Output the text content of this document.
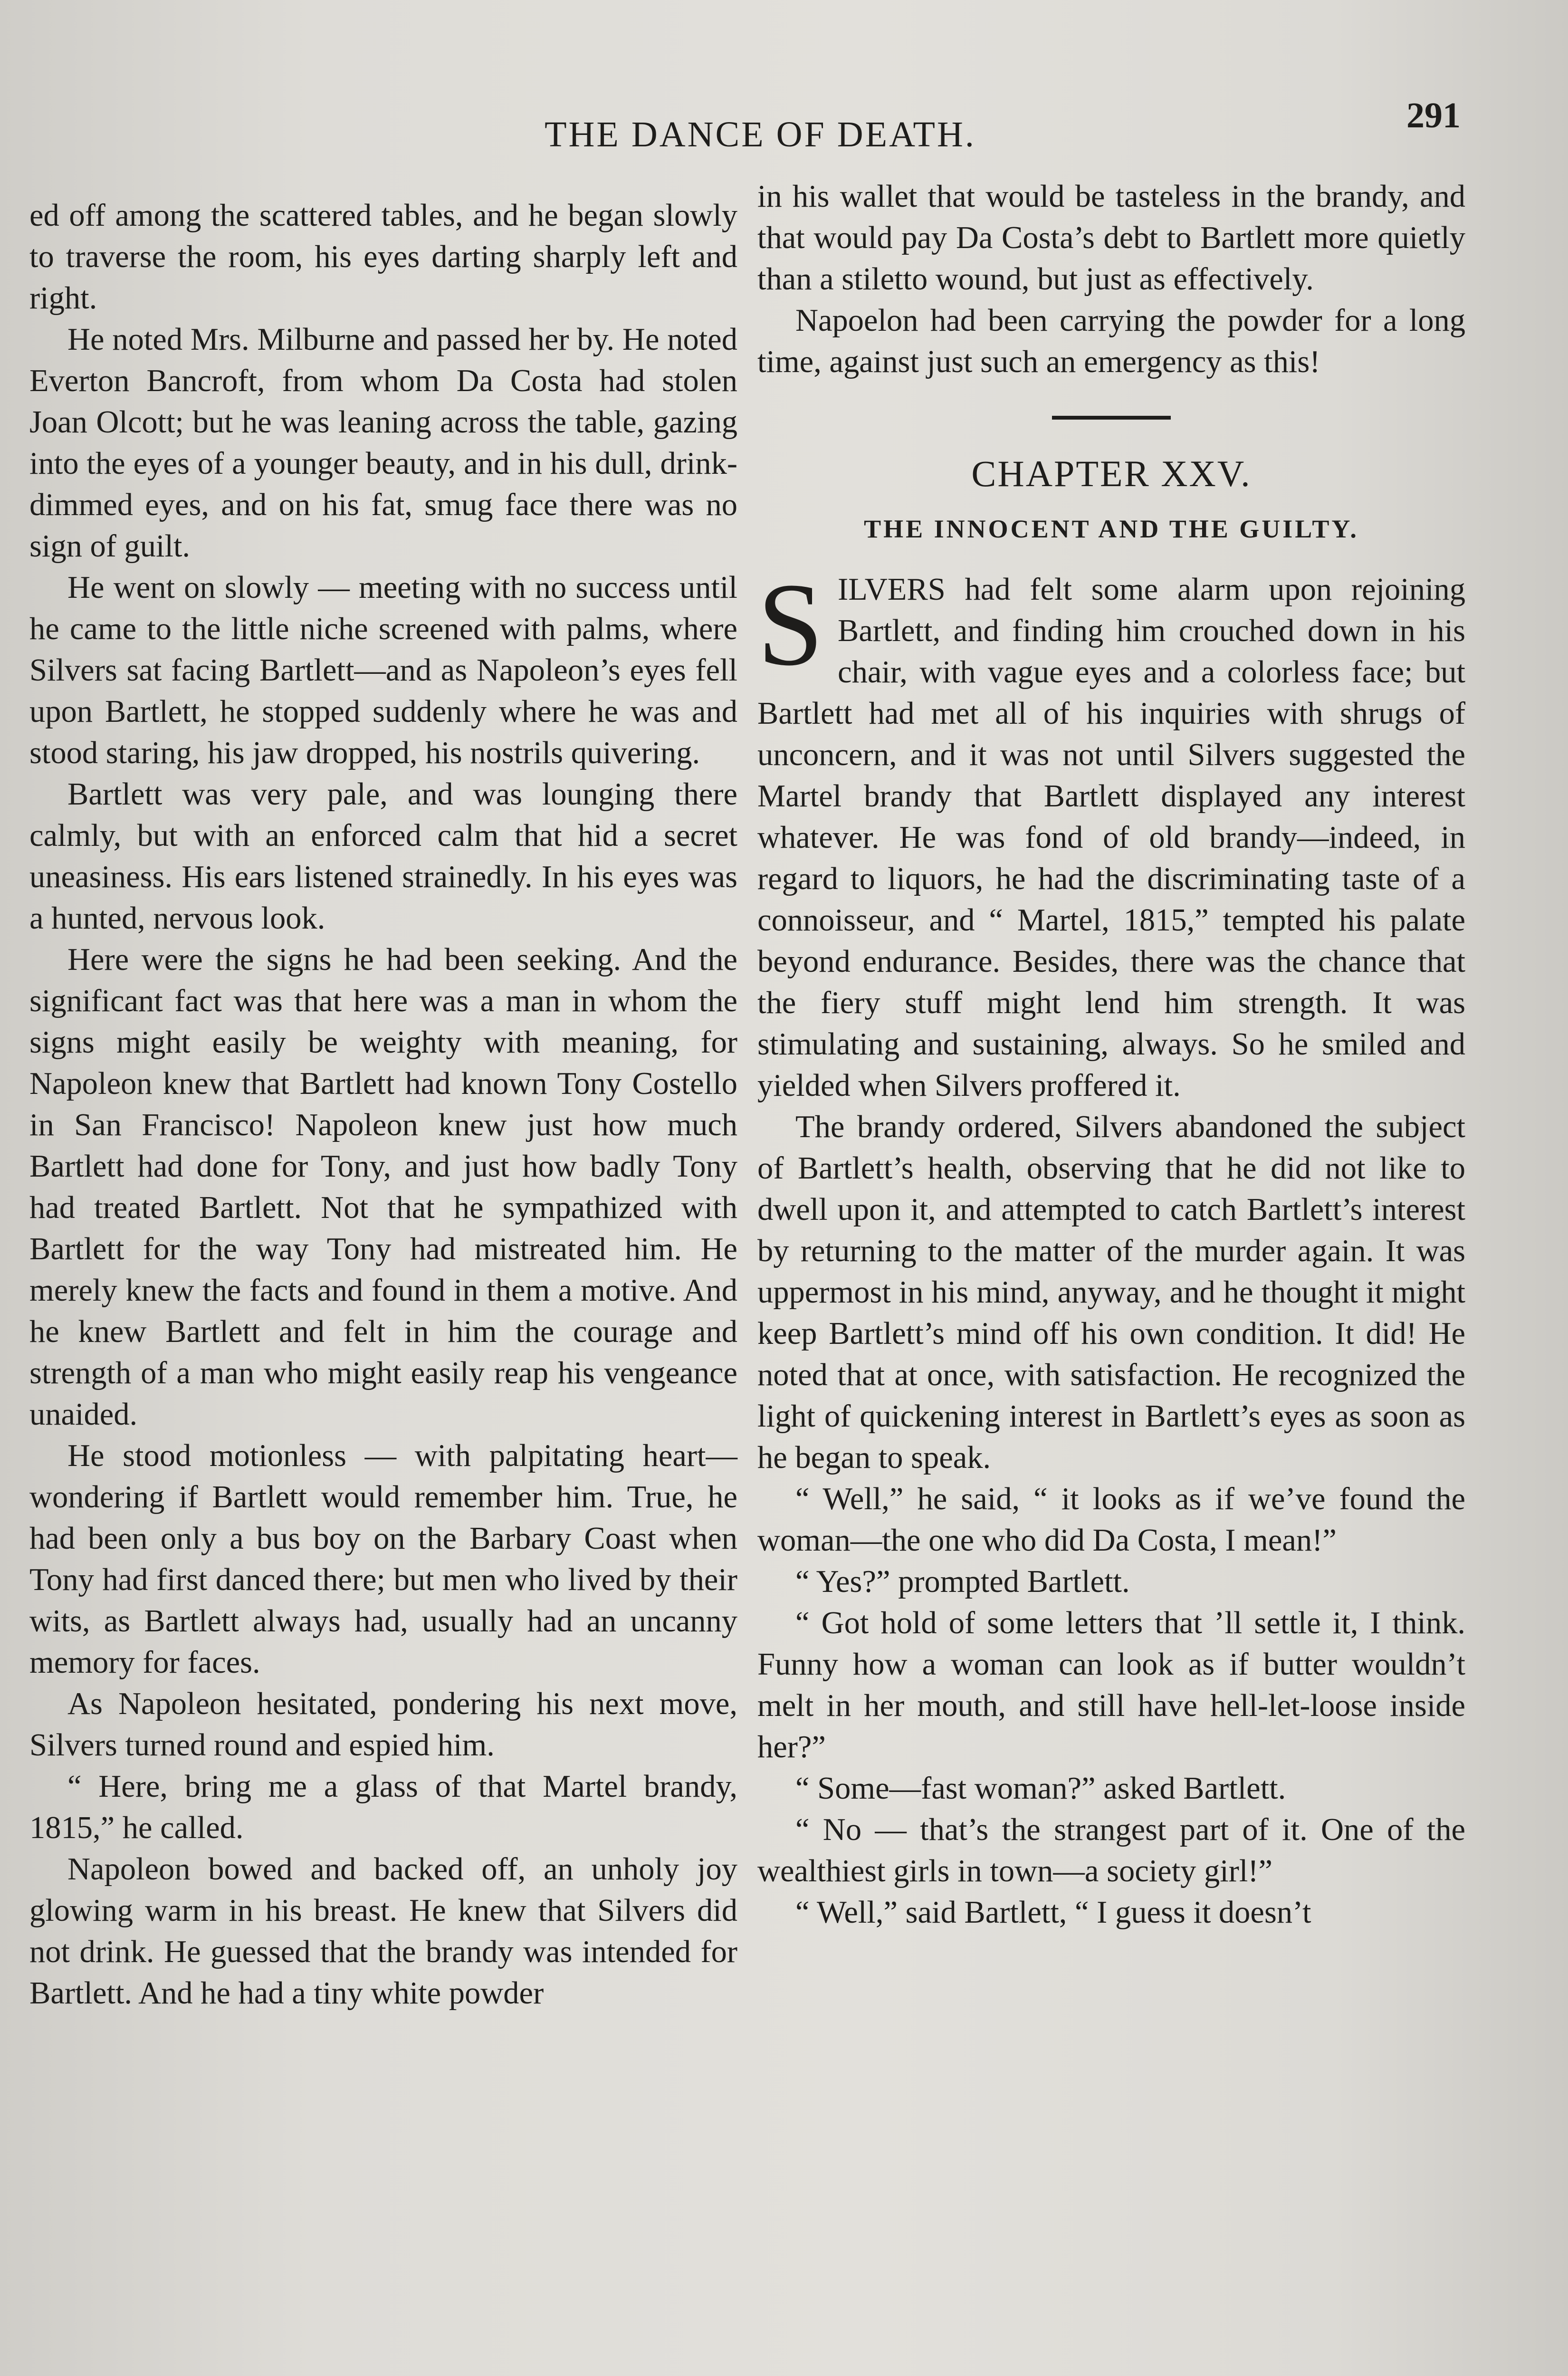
THE DANCE OF DEATH.	291

ed off among the scattered tables, and he began slowly to traverse the room, his eyes darting sharply left and right.

He noted Mrs. Milburne and passed her by. He noted Everton Bancroft, from whom Da Costa had stolen Joan Olcott; but he was leaning across the table, gazing into the eyes of a younger beauty, and in his dull, drink-dimmed eyes, and on his fat, smug face there was no sign of guilt.

He went on slowly — meeting with no success until he came to the little niche screened with palms, where Silvers sat facing Bartlett—and as Napoleon’s eyes fell upon Bartlett, he stopped suddenly where he was and stood staring, his jaw dropped, his nostrils quivering.

Bartlett was very pale, and was lounging there calmly, but with an enforced calm that hid a secret uneasiness. His ears listened strainedly. In his eyes was a hunted, nervous look.

Here were the signs he had been seeking. And the significant fact was that here was a man in whom the signs might easily be weighty with meaning, for Napoleon knew that Bartlett had known Tony Costello in San Francisco! Napoleon knew just how much Bartlett had done for Tony, and just how badly Tony had treated Bartlett. Not that he sympathized with Bartlett for the way Tony had mistreated him. He merely knew the facts and found in them a motive. And he knew Bartlett and felt in him the courage and strength of a man who might easily reap his vengeance unaided.

He stood motionless — with palpitating heart—wondering if Bartlett would remember him. True, he had been only a bus boy on the Barbary Coast when Tony had first danced there; but men who lived by their wits, as Bartlett always had, usually had an uncanny memory for faces.

As Napoleon hesitated, pondering his next move, Silvers turned round and espied him.

“ Here, bring me a glass of that Martel brandy, 1815,” he called.

Napoleon bowed and backed off, an unholy joy glowing warm in his breast. He knew that Silvers did not drink. He guessed that the brandy was intended for Bartlett. And he had a tiny white powder

in his wallet that would be tasteless in the brandy, and that would pay Da Costa’s debt to Bartlett more quietly than a stiletto wound, but just as effectively.

Napoelon had been carrying the powder for a long time, against just such an emergency as this!

CHAPTER XXV.
THE INNOCENT AND THE GUILTY.

SILVERS had felt some alarm upon rejoining Bartlett, and finding him crouched down in his chair, with vague eyes and a colorless face; but Bartlett had met all of his inquiries with shrugs of unconcern, and it was not until Silvers suggested the Martel brandy that Bartlett displayed any interest whatever. He was fond of old brandy—indeed, in regard to liquors, he had the discriminating taste of a connoisseur, and “ Martel, 1815,” tempted his palate beyond endurance. Besides, there was the chance that the fiery stuff might lend him strength. It was stimulating and sustaining, always. So he smiled and yielded when Silvers proffered it.

The brandy ordered, Silvers abandoned the subject of Bartlett’s health, observing that he did not like to dwell upon it, and attempted to catch Bartlett’s interest by returning to the matter of the murder again. It was uppermost in his mind, anyway, and he thought it might keep Bartlett’s mind off his own condition. It did! He noted that at once, with satisfaction. He recognized the light of quickening interest in Bartlett’s eyes as soon as he began to speak.

“ Well,” he said, “ it looks as if we’ve found the woman—the one who did Da Costa, I mean!”

“ Yes?” prompted Bartlett.

“ Got hold of some letters that ’ll settle it, I think. Funny how a woman can look as if butter wouldn’t melt in her mouth, and still have hell-let-loose inside her?”

“ Some—fast woman?” asked Bartlett.

“ No — that’s the strangest part of it. One of the wealthiest girls in town—a society girl!”

“ Well,” said Bartlett, “ I guess it doesn’t
